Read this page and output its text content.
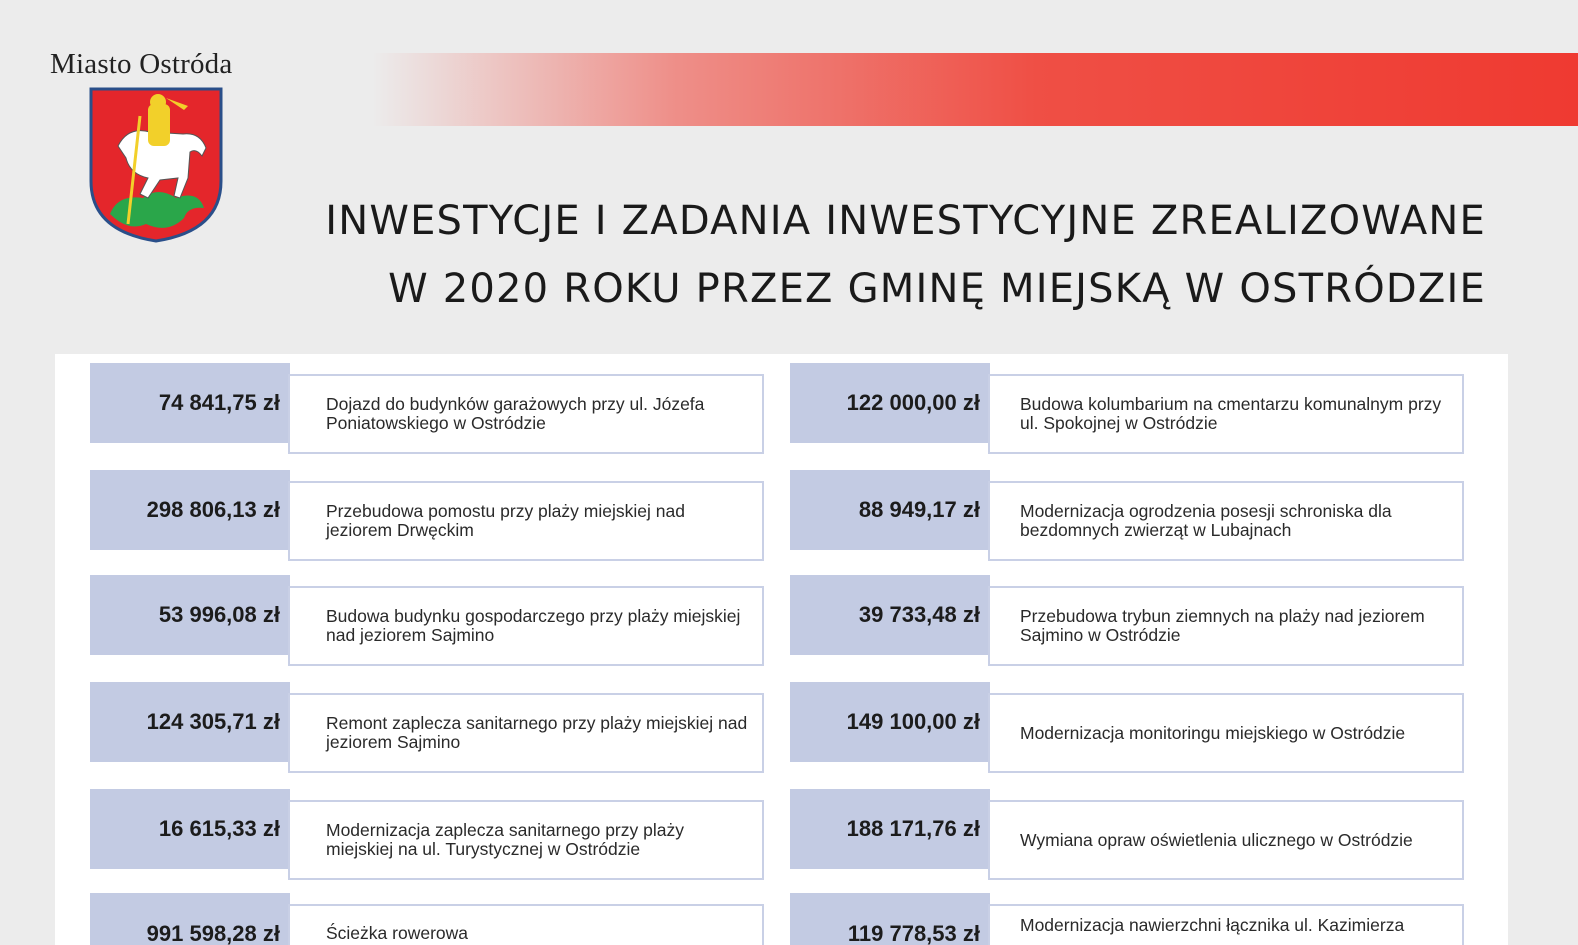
Miasto Ostróda
INWESTYCJE I ZADANIA INWESTYCYJNE ZREALIZOWANE
W 2020 ROKU PRZEZ GMINĘ MIEJSKĄ W OSTRÓDZIE
74 841,75 zł	Dojazd do budynków garażowych przy ul. Józefa Poniatowskiego w Ostródzie
298 806,13 zł	Przebudowa pomostu przy plaży miejskiej nad jeziorem Drwęckim
53 996,08 zł	Budowa budynku gospodarczego przy plaży miejskiej nad jeziorem Sajmino
124 305,71 zł	Remont zaplecza sanitarnego przy plaży miejskiej nad jeziorem Sajmino
16 615,33 zł	Modernizacja zaplecza sanitarnego przy plaży miejskiej na ul. Turystycznej w Ostródzie
991 598,28 zł	Ścieżka rowerowa
122 000,00 zł Budowa kolumbarium na cmentarzu komunalnym przy ul. Spokojnej w Ostródzie
88 949,17 zł Modernizacja ogrodzenia posesji schroniska dla bezdomnych zwierząt w Lubajnach
39 733,48 zł Przebudowa trybun ziemnych na plaży nad jeziorem Sajmino w Ostródzie
149 100,00 zł Modernizacja monitoringu miejskiego w Ostródzie
188 171,76 zł Wymiana opraw oświetlenia ulicznego w Ostródzie
119 778,53 zł Modernizacja nawierzchni łącznika ul. Kazimierza
